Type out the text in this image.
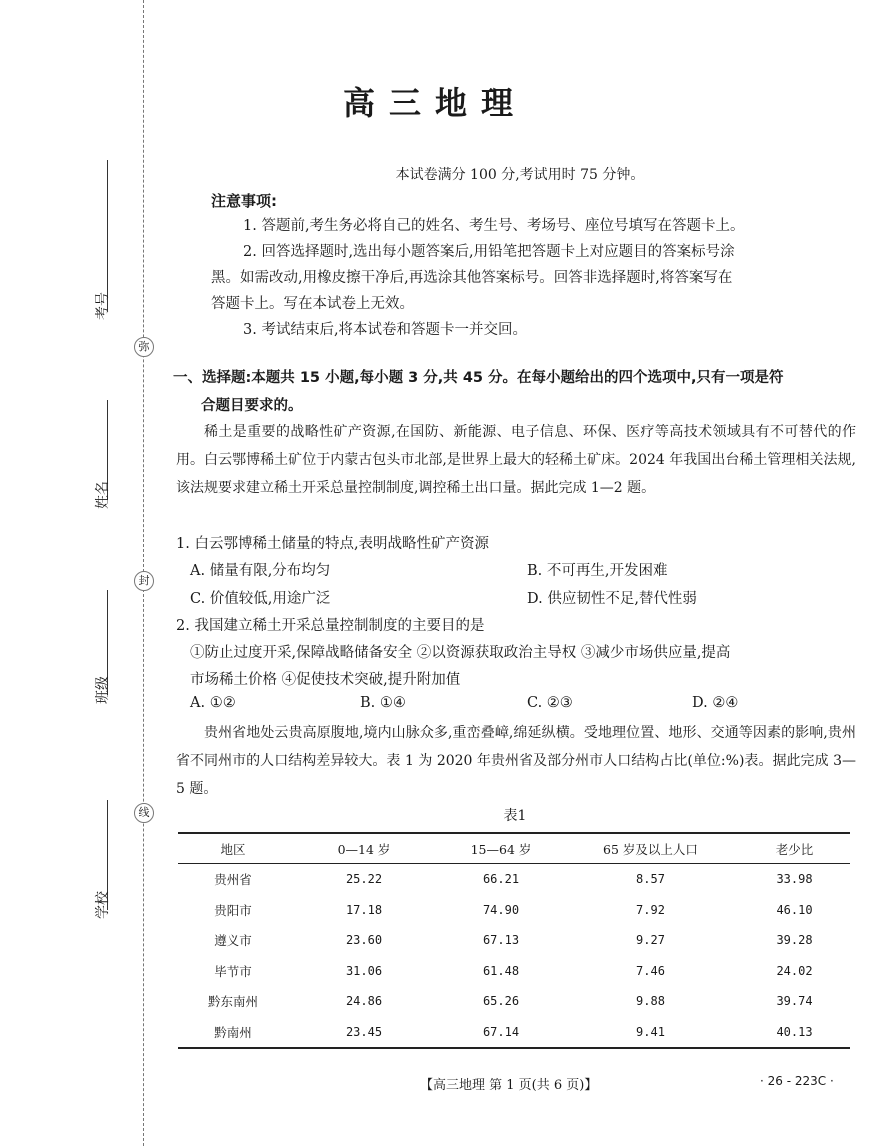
弥
封
线
考号
姓名
班级
学校
高三地理
本试卷满分 100 分,考试用时 75 分钟。
注意事项:
1. 答题前,考生务必将自己的姓名、考生号、考场号、座位号填写在答题卡上。
2. 回答选择题时,选出每小题答案后,用铅笔把答题卡上对应题目的答案标号涂
黑。如需改动,用橡皮擦干净后,再选涂其他答案标号。回答非选择题时,将答案写在
答题卡上。写在本试卷上无效。
3. 考试结束后,将本试卷和答题卡一并交回。
一、选择题:本题共 15 小题,每小题 3 分,共 45 分。在每小题给出的四个选项中,只有一项是符
合题目要求的。
稀土是重要的战略性矿产资源,在国防、新能源、电子信息、环保、医疗等高技术领域具有不可替代的作用。白云鄂博稀土矿位于内蒙古包头市北部,是世界上最大的轻稀土矿床。2024 年我国出台稀土管理相关法规,该法规要求建立稀土开采总量控制制度,调控稀土出口量。据此完成 1—2 题。
1. 白云鄂博稀土储量的特点,表明战略性矿产资源
A. 储量有限,分布均匀	B. 不可再生,开发困难
C. 价值较低,用途广泛	D. 供应韧性不足,替代性弱
2. 我国建立稀土开采总量控制制度的主要目的是
①防止过度开采,保障战略储备安全 ②以资源获取政治主导权 ③减少市场供应量,提高
市场稀土价格 ④促使技术突破,提升附加值
A. ①②	B. ①④	C. ②③	D. ②④
贵州省地处云贵高原腹地,境内山脉众多,重峦叠嶂,绵延纵横。受地理位置、地形、交通等因素的影响,贵州省不同州市的人口结构差异较大。表 1 为 2020 年贵州省及部分州市人口结构占比(单位:%)表。据此完成 3—5 题。
表1
地区	0—14 岁	15—64 岁	65 岁及以上人口	老少比
贵州省	25.22	66.21	8.57	33.98
贵阳市	17.18	74.90	7.92	46.10
遵义市	23.60	67.13	9.27	39.28
毕节市	31.06	61.48	7.46	24.02
黔东南州	24.86	65.26	9.88	39.74
黔南州	23.45	67.14	9.41	40.13
【高三地理 第 1 页(共 6 页)】	· 26 - 223C ·
